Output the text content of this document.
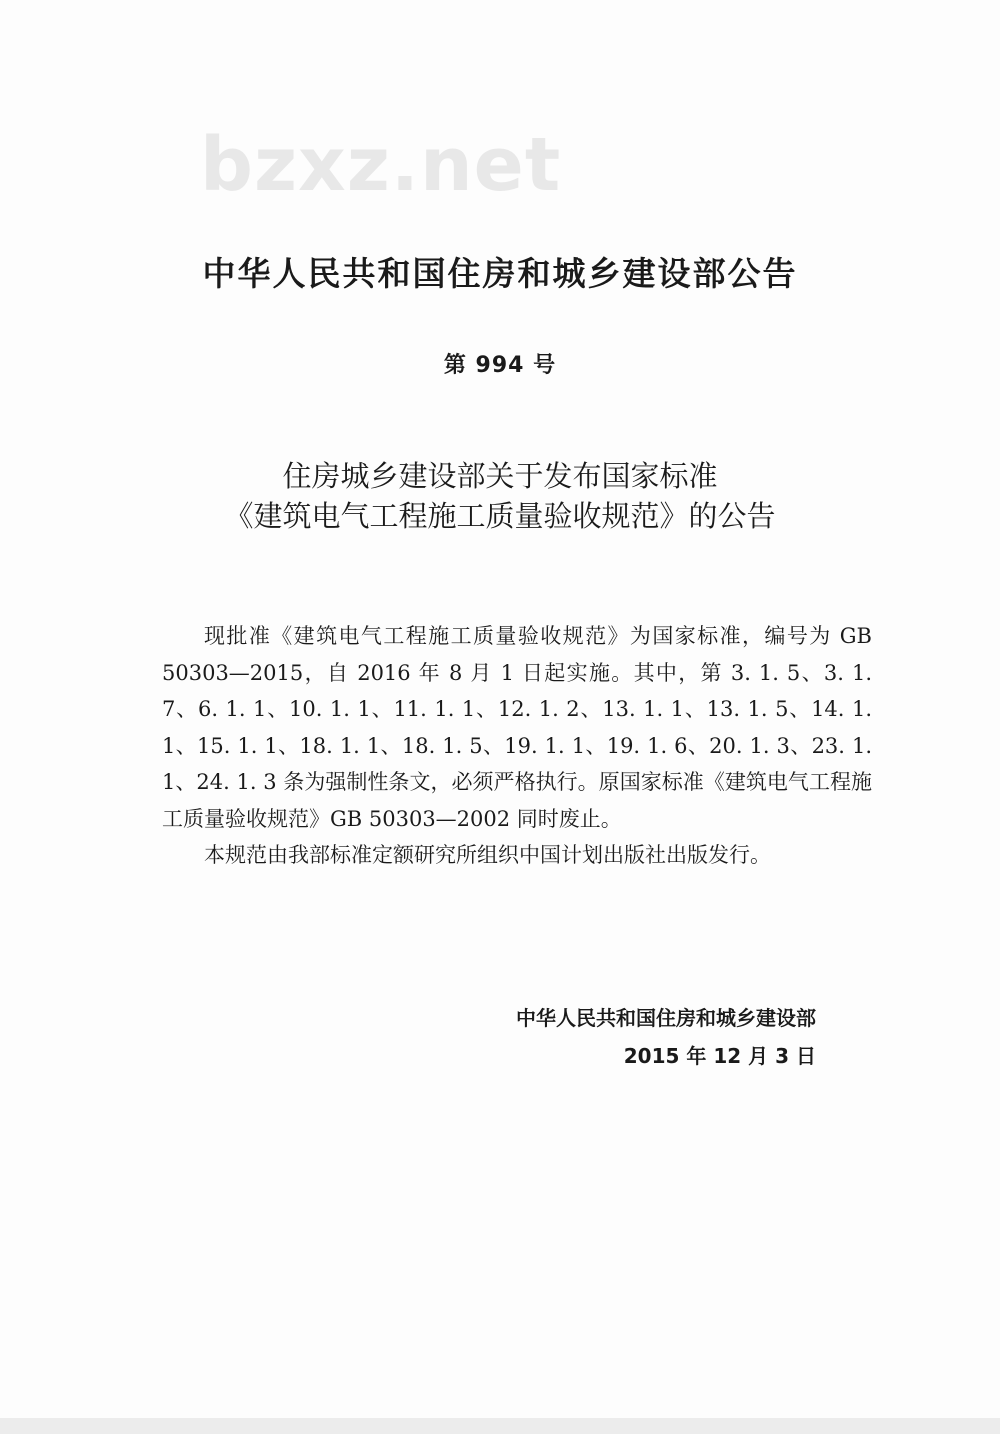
bzxz.net
中华人民共和国住房和城乡建设部公告
第 994 号
住房城乡建设部关于发布国家标准
《建筑电气工程施工质量验收规范》的公告

现批准《建筑电气工程施工质量验收规范》为国家标准，编号为 GB 50303—2015，自 2016 年 8 月 1 日起实施。其中，第 3. 1. 5、3. 1. 7、6. 1. 1、10. 1. 1、11. 1. 1、12. 1. 2、13. 1. 1、13. 1. 5、14. 1. 1、15. 1. 1、18. 1. 1、18. 1. 5、19. 1. 1、19. 1. 6、20. 1. 3、23. 1. 1、24. 1. 3 条为强制性条文，必须严格执行。原国家标准《建筑电气工程施工质量验收规范》GB 50303—2002 同时废止。

本规范由我部标准定额研究所组织中国计划出版社出版发行。

中华人民共和国住房和城乡建设部
2015 年 12 月 3 日
